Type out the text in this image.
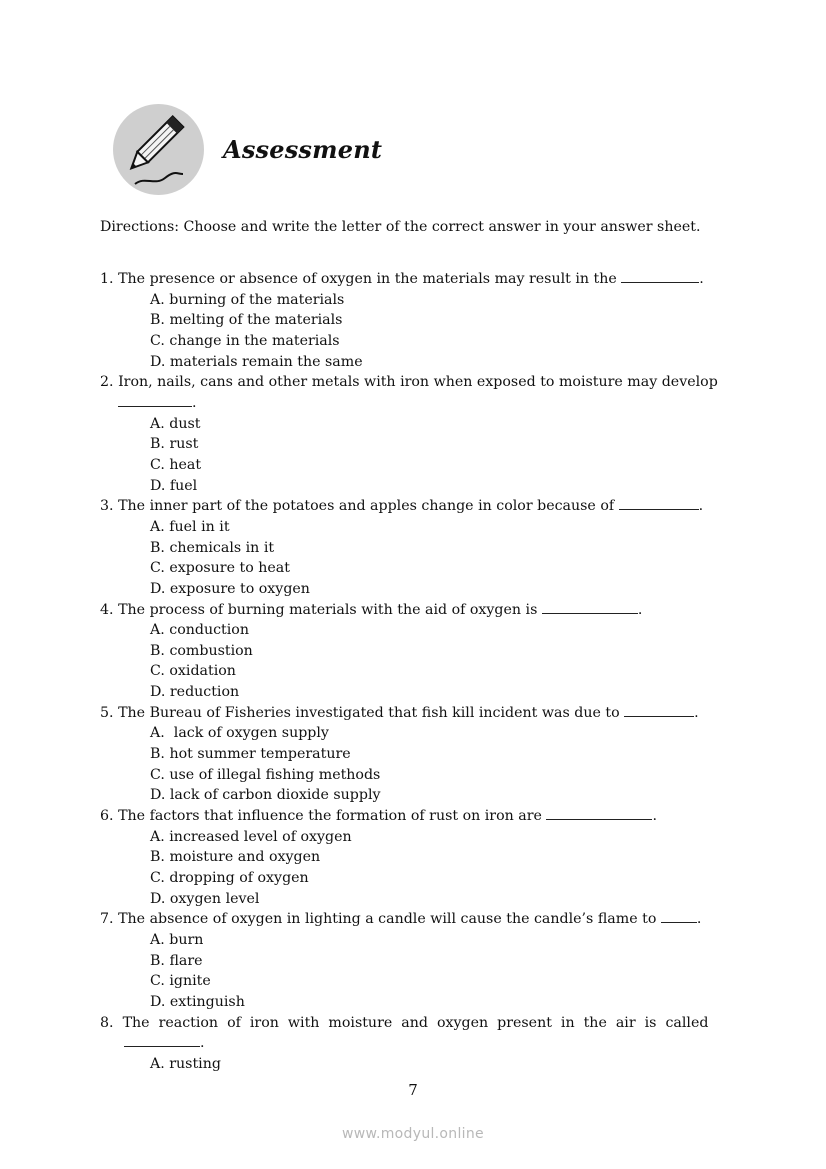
Assessment
Directions: Choose and write the letter of the correct answer in your answer sheet.
1. The presence or absence of oxygen in the materials may result in the	.
A. burning of the materials
B. melting of the materials
C. change in the materials
D. materials remain the same
2. Iron, nails, cans and other metals with iron when exposed to moisture may develop
.
A. dust
B. rust
C. heat
D. fuel
3. The inner part of the potatoes and apples change in color because of	.
A. fuel in it
B. chemicals in it
C. exposure to heat
D. exposure to oxygen
4. The process of burning materials with the aid of oxygen is	.
A. conduction
B. combustion
C. oxidation
D. reduction
5. The Bureau of Fisheries investigated that fish kill incident was due to	.
A.  lack of oxygen supply
B. hot summer temperature
C. use of illegal fishing methods
D. lack of carbon dioxide supply
6. The factors that influence the formation of rust on iron are	.
A. increased level of oxygen
B. moisture and oxygen
C. dropping of oxygen
D. oxygen level
7. The absence of oxygen in lighting a candle will cause the candle’s flame to	.
A. burn
B. flare
C. ignite
D. extinguish
8. The reaction of iron with moisture and oxygen present in the air is called
.
A. rusting
7
www.modyul.online
